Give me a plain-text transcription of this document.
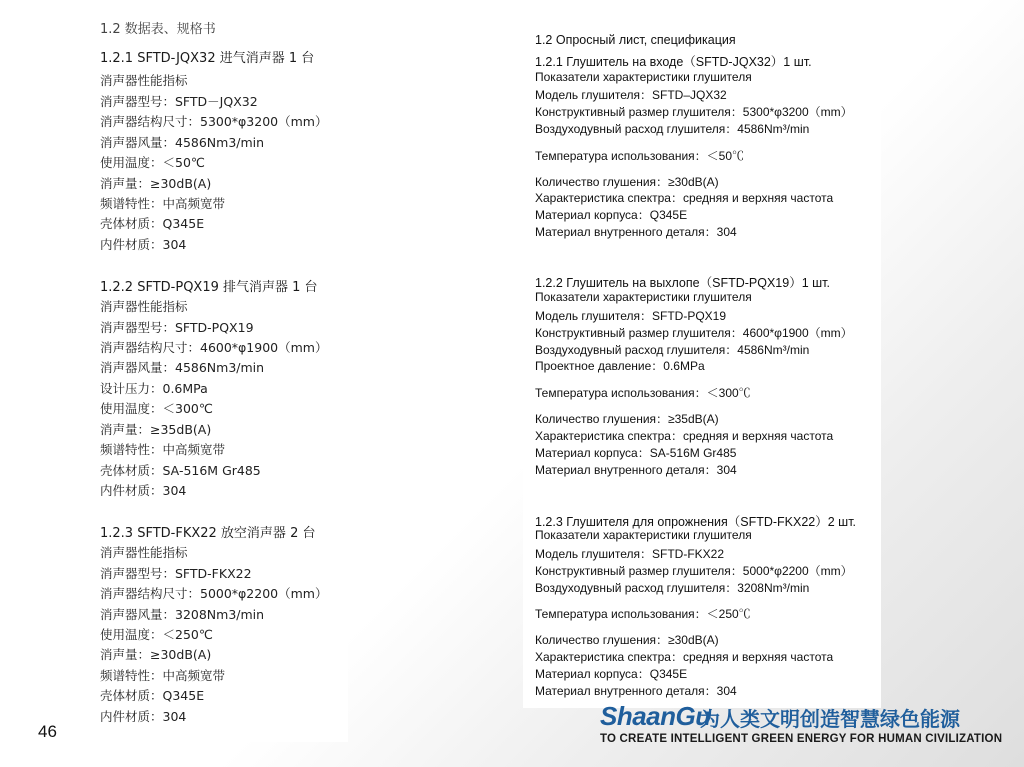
1.2 数据表、规格书
1.2.1 SFTD-JQX32 进气消声器 1 台
消声器性能指标
消声器型号：SFTD－JQX32
消声器结构尺寸：5300*φ3200（mm）
消声器风量：4586Nm3/min
使用温度：＜50℃
消声量：≥30dB(A)
频谱特性：中高频宽带
壳体材质：Q345E
内件材质：304
1.2.2 SFTD-PQX19 排气消声器 1 台
消声器性能指标
消声器型号：SFTD-PQX19
消声器结构尺寸：4600*φ1900（mm）
消声器风量：4586Nm3/min
设计压力：0.6MPa
使用温度：＜300℃
消声量：≥35dB(A)
频谱特性：中高频宽带
壳体材质：SA-516M Gr485
内件材质：304
1.2.3 SFTD-FKX22 放空消声器 2 台
消声器性能指标
消声器型号：SFTD-FKX22
消声器结构尺寸：5000*φ2200（mm）
消声器风量：3208Nm3/min
使用温度：＜250℃
消声量：≥30dB(A)
频谱特性：中高频宽带
壳体材质：Q345E
内件材质：304
1.2 Опросный лист, спецификация
1.2.1 Глушитель на входе（SFTD-JQX32）1 шт.
Показатели характеристики глушителя
Модель глушителя：SFTD–JQX32
Конструктивный размер глушителя：5300*φ3200（mm）
Воздуходувный расход глушителя：4586Nm³/min
Температура использования：＜50℃
Количество глушения：≥30dB(A)
Характеристика спектра：средняя и верхняя частота
Материал корпуса：Q345E
Материал внутренного деталя：304
1.2.2 Глушитель на выхлопе（SFTD-PQX19）1 шт.
Показатели характеристики глушителя
Модель глушителя：SFTD-PQX19
Конструктивный размер глушителя：4600*φ1900（mm）
Воздуходувный расход глушителя：4586Nm³/min
Проектное давление：0.6MPa
Температура использования：＜300℃
Количество глушения：≥35dB(A)
Характеристика спектра：средняя и верхняя частота
Материал корпуса：SA-516M Gr485
Материал внутренного деталя：304
1.2.3 Глушителя для опрожнения（SFTD-FKX22）2 шт.
Показатели характеристики глушителя
Модель глушителя：SFTD-FKX22
Конструктивный размер глушителя：5000*φ2200（mm）
Воздуходувный расход глушителя：3208Nm³/min
Температура использования：＜250℃
Количество глушения：≥30dB(A)
Характеристика спектра：средняя и верхняя частота
Материал корпуса：Q345E
Материал внутренного деталя：304
46
ShaanGu
为人类文明创造智慧绿色能源
TO CREATE INTELLIGENT GREEN ENERGY FOR HUMAN CIVILIZATION
